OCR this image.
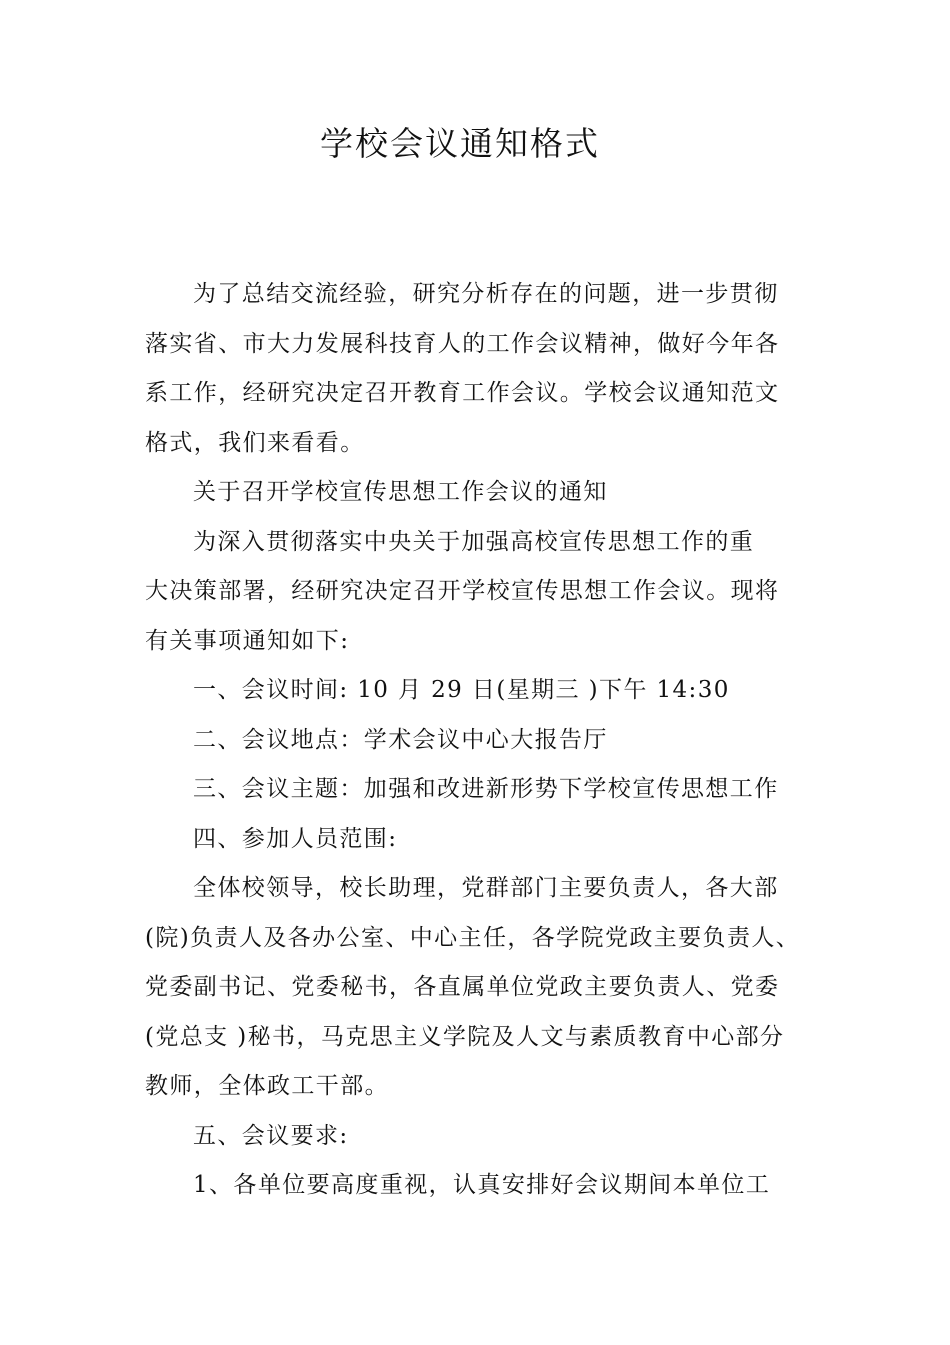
学校会议通知格式
为了总结交流经验，研究分析存在的问题，进一步贯彻
落实省、市大力发展科技育人的工作会议精神，做好今年各
系工作，经研究决定召开教育工作会议。学校会议通知范文
格式，我们来看看。
关于召开学校宣传思想工作会议的通知
为深入贯彻落实中央关于加强高校宣传思想工作的重
大决策部署，经研究决定召开学校宣传思想工作会议。现将
有关事项通知如下:
一、会议时间: 10 月 29 日(星期三 )下午 14:30
二、会议地点：学术会议中心大报告厅
三、会议主题：加强和改进新形势下学校宣传思想工作
四、参加人员范围:
全体校领导，校长助理，党群部门主要负责人，各大部
(院)负责人及各办公室、中心主任，各学院党政主要负责人、
党委副书记、党委秘书，各直属单位党政主要负责人、党委
(党总支 )秘书，马克思主义学院及人文与素质教育中心部分
教师，全体政工干部。
五、会议要求:
1、各单位要高度重视，认真安排好会议期间本单位工
